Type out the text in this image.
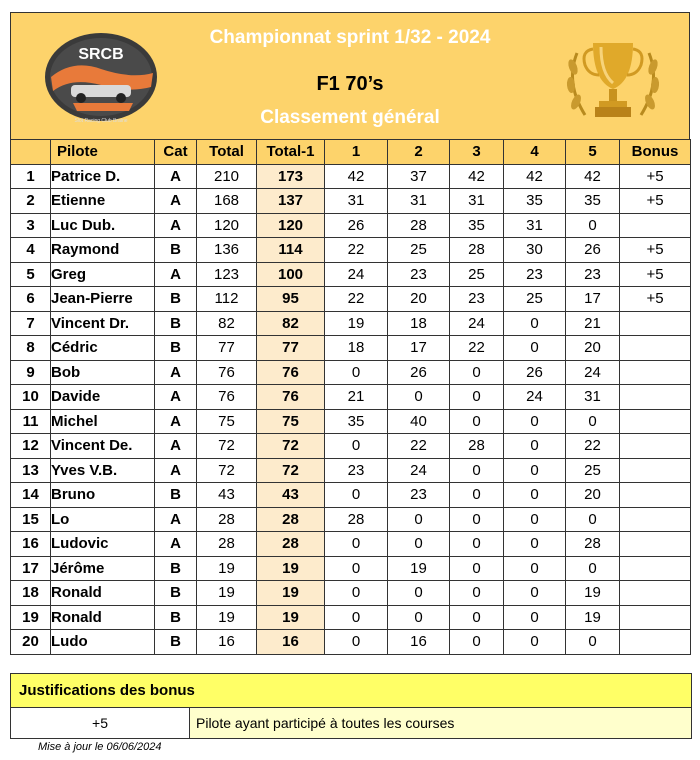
SRCB
Slot Racing Club Braine
Championnat sprint 1/32 - 2024
F1 70’s
Classement général
	Pilote	Cat	Total	Total-1	1	2	3	4	5	Bonus
1	Patrice D.	A	210	173	42	37	42	42	42	+5
2	Etienne	A	168	137	31	31	31	35	35	+5
3	Luc Dub.	A	120	120	26	28	35	31	0	
4	Raymond	B	136	114	22	25	28	30	26	+5
5	Greg	A	123	100	24	23	25	23	23	+5
6	Jean-Pierre	B	112	95	22	20	23	25	17	+5
7	Vincent Dr.	B	82	82	19	18	24	0	21	
8	Cédric	B	77	77	18	17	22	0	20	
9	Bob	A	76	76	0	26	0	26	24	
10	Davide	A	76	76	21	0	0	24	31	
11	Michel	A	75	75	35	40	0	0	0	
12	Vincent De.	A	72	72	0	22	28	0	22	
13	Yves V.B.	A	72	72	23	24	0	0	25	
14	Bruno	B	43	43	0	23	0	0	20	
15	Lo	A	28	28	28	0	0	0	0	
16	Ludovic	A	28	28	0	0	0	0	28	
17	Jérôme	B	19	19	0	19	0	0	0	
18	Ronald	B	19	19	0	0	0	0	19	
19	Ronald	B	19	19	0	0	0	0	19	
20	Ludo	B	16	16	0	16	0	0	0	
Justifications des bonus
+5	Pilote ayant participé à toutes les courses
Mise à jour le 06/06/2024
